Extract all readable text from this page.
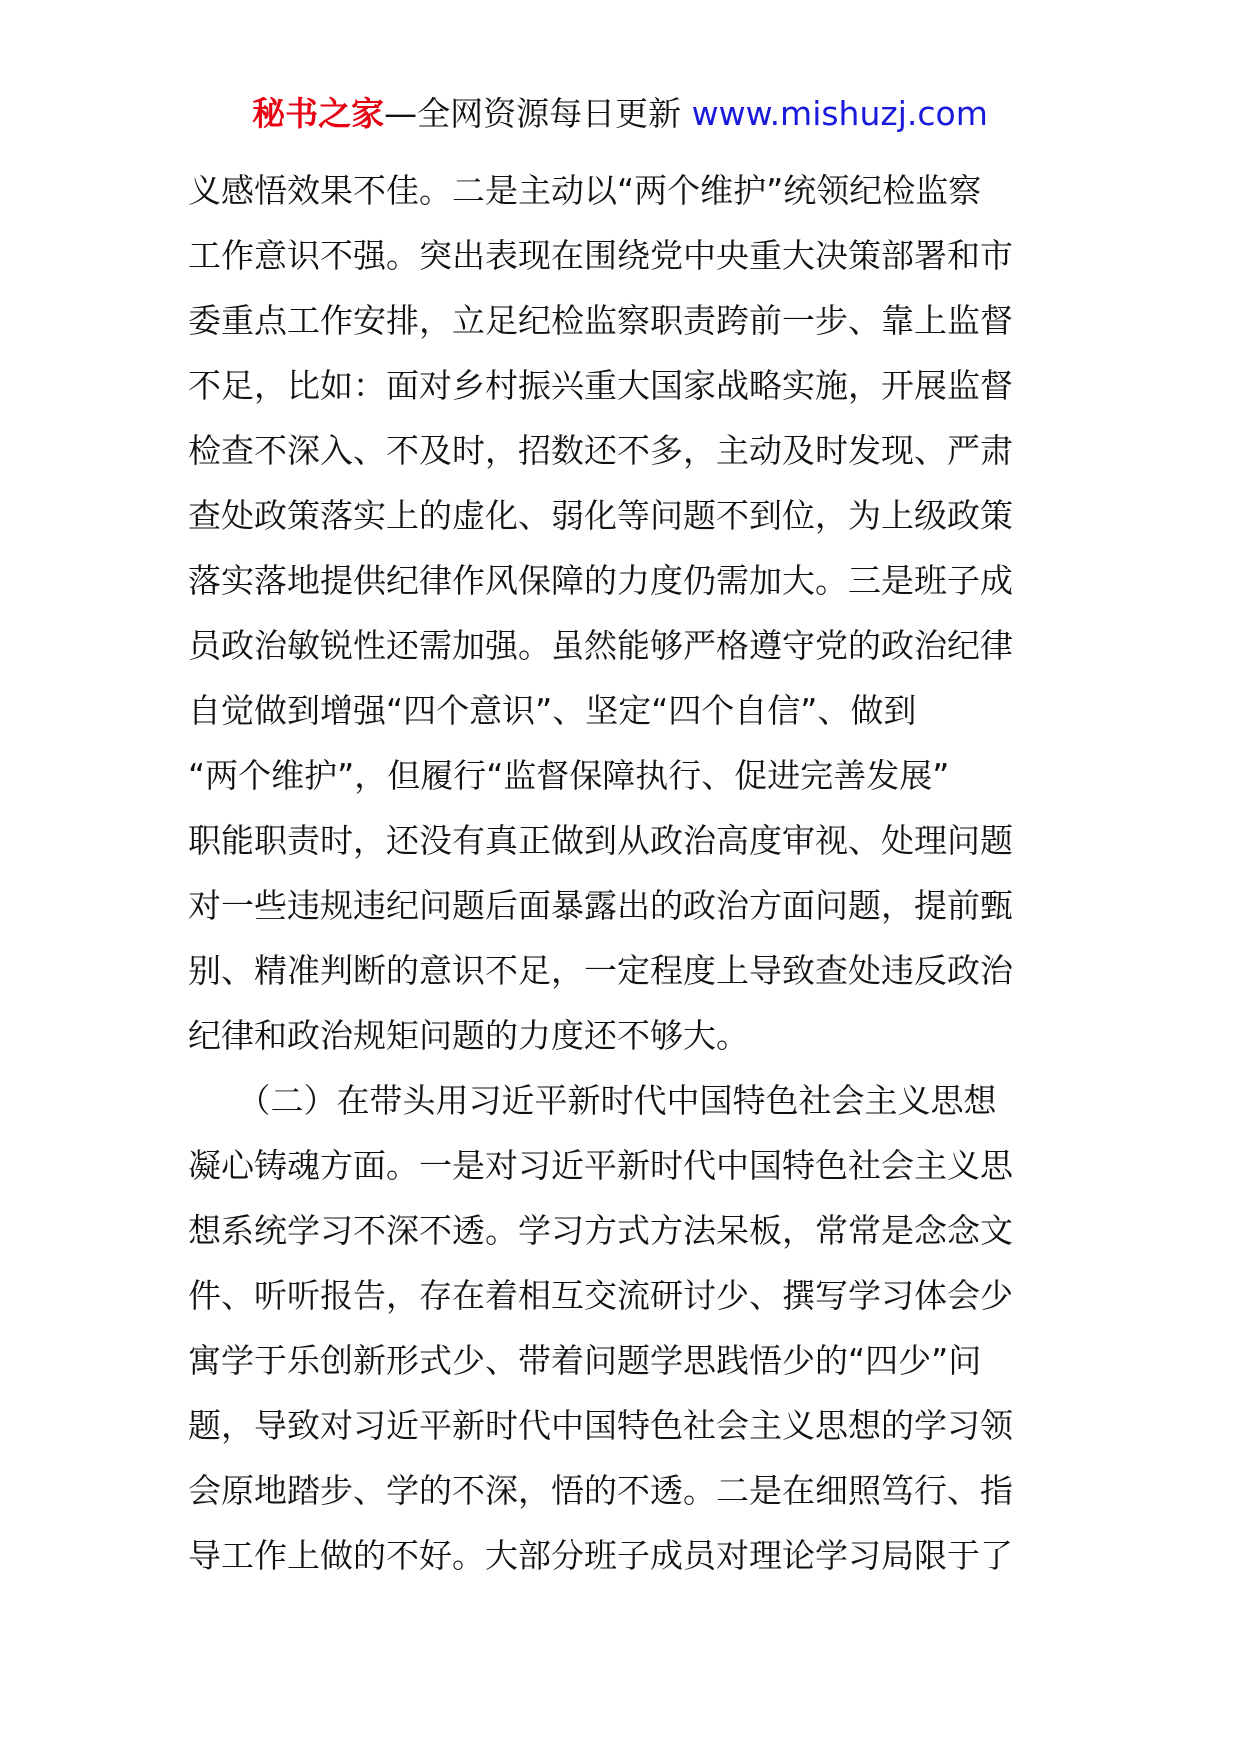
秘书之家—全网资源每日更新 www.mishuzj.com
义感悟效果不佳。二是主动以“两个维护”统领纪检监察
工作意识不强。突出表现在围绕党中央重大决策部署和市
委重点工作安排，立足纪检监察职责跨前一步、靠上监督
不足，比如：面对乡村振兴重大国家战略实施，开展监督
检查不深入、不及时，招数还不多，主动及时发现、严肃
查处政策落实上的虚化、弱化等问题不到位，为上级政策
落实落地提供纪律作风保障的力度仍需加大。三是班子成
员政治敏锐性还需加强。虽然能够严格遵守党的政治纪律
自觉做到增强“四个意识”、坚定“四个自信”、做到
“两个维护”，但履行“监督保障执行、促进完善发展”
职能职责时，还没有真正做到从政治高度审视、处理问题
对一些违规违纪问题后面暴露出的政治方面问题，提前甄
别、精准判断的意识不足，一定程度上导致查处违反政治
纪律和政治规矩问题的力度还不够大。
　　（二）在带头用习近平新时代中国特色社会主义思想
凝心铸魂方面。一是对习近平新时代中国特色社会主义思
想系统学习不深不透。学习方式方法呆板，常常是念念文
件、听听报告，存在着相互交流研讨少、撰写学习体会少
寓学于乐创新形式少、带着问题学思践悟少的“四少”问
题，导致对习近平新时代中国特色社会主义思想的学习领
会原地踏步、学的不深，悟的不透。二是在细照笃行、指
导工作上做的不好。大部分班子成员对理论学习局限于了
